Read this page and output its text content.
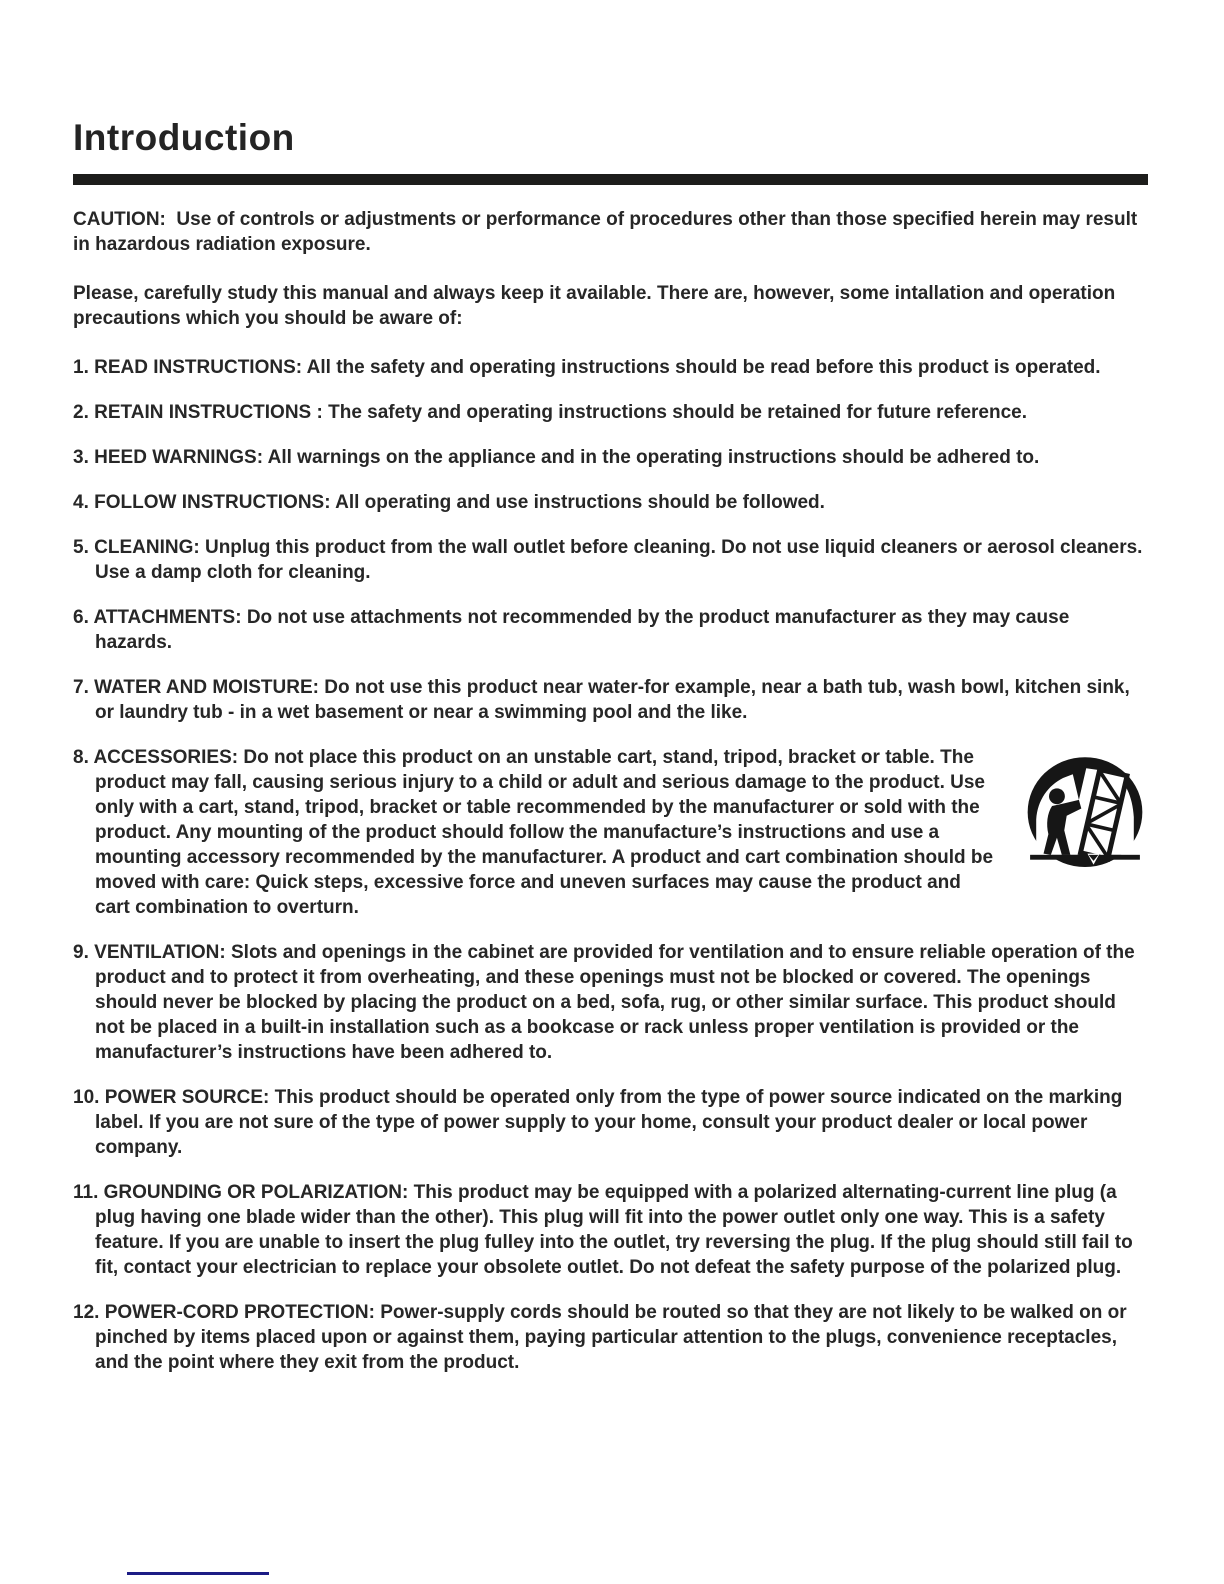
Introduction

CAUTION:  Use of controls or adjustments or performance of procedures other than those specified herein may result in hazardous radiation exposure.

Please, carefully study this manual and always keep it available. There are, however, some intallation and operation precautions which you should be aware of:

1. READ INSTRUCTIONS: All the safety and operating instructions should be read before this product is operated.
2. RETAIN INSTRUCTIONS : The safety and operating instructions should be retained for future reference.
3. HEED WARNINGS: All warnings on the appliance and in the operating instructions should be adhered to.
4. FOLLOW INSTRUCTIONS: All operating and use instructions should be followed.
5. CLEANING: Unplug this product from the wall outlet before cleaning. Do not use liquid cleaners or aerosol cleaners. Use a damp cloth for cleaning.
6. ATTACHMENTS: Do not use attachments not recommended by the product manufacturer as they may cause hazards.
7. WATER AND MOISTURE: Do not use this product near water-for example, near a bath tub, wash bowl, kitchen sink, or laundry tub - in a wet basement or near a swimming pool and the like.
8. ACCESSORIES: Do not place this product on an unstable cart, stand, tripod, bracket or table. The product may fall, causing serious injury to a child or adult and serious damage to the product. Use only with a cart, stand, tripod, bracket or table recommended by the manufacturer or sold with the product. Any mounting of the product should follow the manufacture’s instructions and use a mounting accessory recommended by the manufacturer. A product and cart combination should be moved with care: Quick steps, excessive force and uneven surfaces may cause the product and cart combination to overturn.
9. VENTILATION: Slots and openings in the cabinet are provided for ventilation and to ensure reliable operation of the product and to protect it from overheating, and these openings must not be blocked or covered. The openings should never be blocked by placing the product on a bed, sofa, rug, or other similar surface. This product should not be placed in a built-in installation such as a bookcase or rack unless proper ventilation is provided or the manufacturer’s instructions have been adhered to.
10. POWER SOURCE: This product should be operated only from the type of power source indicated on the marking label. If you are not sure of the type of power supply to your home, consult your product dealer or local power company.
11. GROUNDING OR POLARIZATION: This product may be equipped with a polarized alternating-current line plug (a plug having one blade wider than the other). This plug will fit into the power outlet only one way. This is a safety feature. If you are unable to insert the plug fulley into the outlet, try reversing the plug. If the plug should still fail to fit, contact your electrician to replace your obsolete outlet. Do not defeat the safety purpose of the polarized plug.
12. POWER-CORD PROTECTION: Power-supply cords should be routed so that they are not likely to be walked on or pinched by items placed upon or against them, paying particular attention to the plugs, convenience receptacles, and the point where they exit from the product.
